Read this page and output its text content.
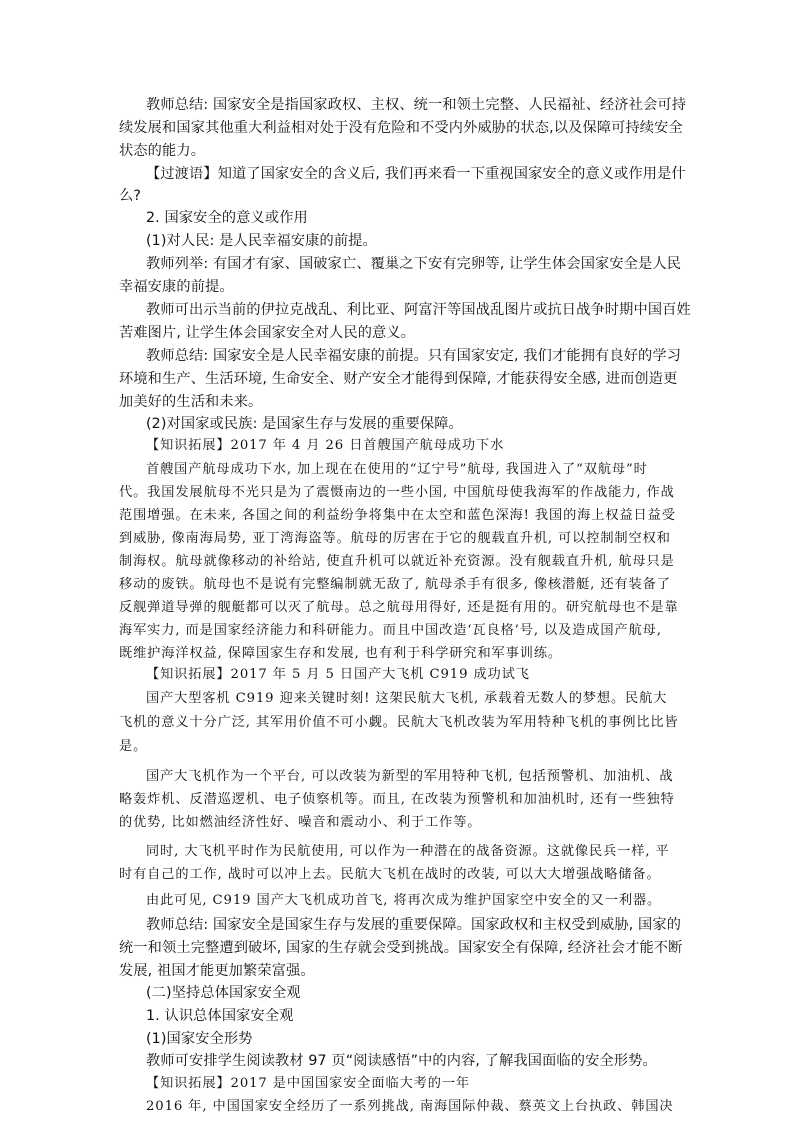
教师总结: 国家安全是指国家政权、主权、统一和领土完整、人民福祉、经济社会可持
续发展和国家其他重大利益相对处于没有危险和不受内外威胁的状态,以及保障可持续安全
状态的能力。
【过渡语】知道了国家安全的含义后, 我们再来看一下重视国家安全的意义或作用是什
么?
2. 国家安全的意义或作用
(1)对人民: 是人民幸福安康的前提。
教师列举: 有国才有家、国破家亡、覆巢之下安有完卵等, 让学生体会国家安全是人民
幸福安康的前提。
教师可出示当前的伊拉克战乱、利比亚、阿富汗等国战乱图片或抗日战争时期中国百姓
苦难图片, 让学生体会国家安全对人民的意义。
教师总结: 国家安全是人民幸福安康的前提。只有国家安定, 我们才能拥有良好的学习
环境和生产、生活环境, 生命安全、财产安全才能得到保障, 才能获得安全感, 进而创造更
加美好的生活和未来。
(2)对国家或民族: 是国家生存与发展的重要保障。
【知识拓展】2017 年 4 月 26 日首艘国产航母成功下水
首艘国产航母成功下水, 加上现在在使用的“辽宁号”航母, 我国进入了“双航母”时
代。我国发展航母不光只是为了震慑南边的一些小国, 中国航母使我海军的作战能力, 作战
范围增强。在未来, 各国之间的利益纷争将集中在太空和蓝色深海! 我国的海上权益日益受
到威胁, 像南海局势, 亚丁湾海盗等。航母的厉害在于它的舰载直升机, 可以控制制空权和
制海权。航母就像移动的补给站, 使直升机可以就近补充资源。没有舰载直升机, 航母只是
移动的废铁。航母也不是说有完整编制就无敌了, 航母杀手有很多, 像核潜艇, 还有装备了
反舰弹道导弹的舰艇都可以灭了航母。总之航母用得好, 还是挺有用的。研究航母也不是靠
海军实力, 而是国家经济能力和科研能力。而且中国改造‘瓦良格’号, 以及造成国产航母,
既维护海洋权益, 保障国家生存和发展, 也有利于科学研究和军事训练。
【知识拓展】2017 年 5 月 5 日国产大飞机 C919 成功试飞
国产大型客机 C919 迎来关键时刻! 这架民航大飞机, 承载着无数人的梦想。民航大
飞机的意义十分广泛, 其军用价值不可小觑。民航大飞机改装为军用特种飞机的事例比比皆
是。
国产大飞机作为一个平台, 可以改装为新型的军用特种飞机, 包括预警机、加油机、战
略轰炸机、反潜巡逻机、电子侦察机等。而且, 在改装为预警机和加油机时, 还有一些独特
的优势, 比如燃油经济性好、噪音和震动小、利于工作等。
同时, 大飞机平时作为民航使用, 可以作为一种潜在的战备资源。这就像民兵一样, 平
时有自己的工作, 战时可以冲上去。民航大飞机在战时的改装, 可以大大增强战略储备。
由此可见, C919 国产大飞机成功首飞, 将再次成为维护国家空中安全的又一利器。
教师总结: 国家安全是国家生存与发展的重要保障。国家政权和主权受到威胁, 国家的
统一和领土完整遭到破坏, 国家的生存就会受到挑战。国家安全有保障, 经济社会才能不断
发展, 祖国才能更加繁荣富强。
(二)坚持总体国家安全观
1. 认识总体国家安全观
(1)国家安全形势
教师可安排学生阅读教材 97 页“阅读感悟”中的内容, 了解我国面临的安全形势。
【知识拓展】2017 是中国国家安全面临大考的一年
2016 年, 中国国家安全经历了一系列挑战, 南海国际仲裁、蔡英文上台执政、韩国决
